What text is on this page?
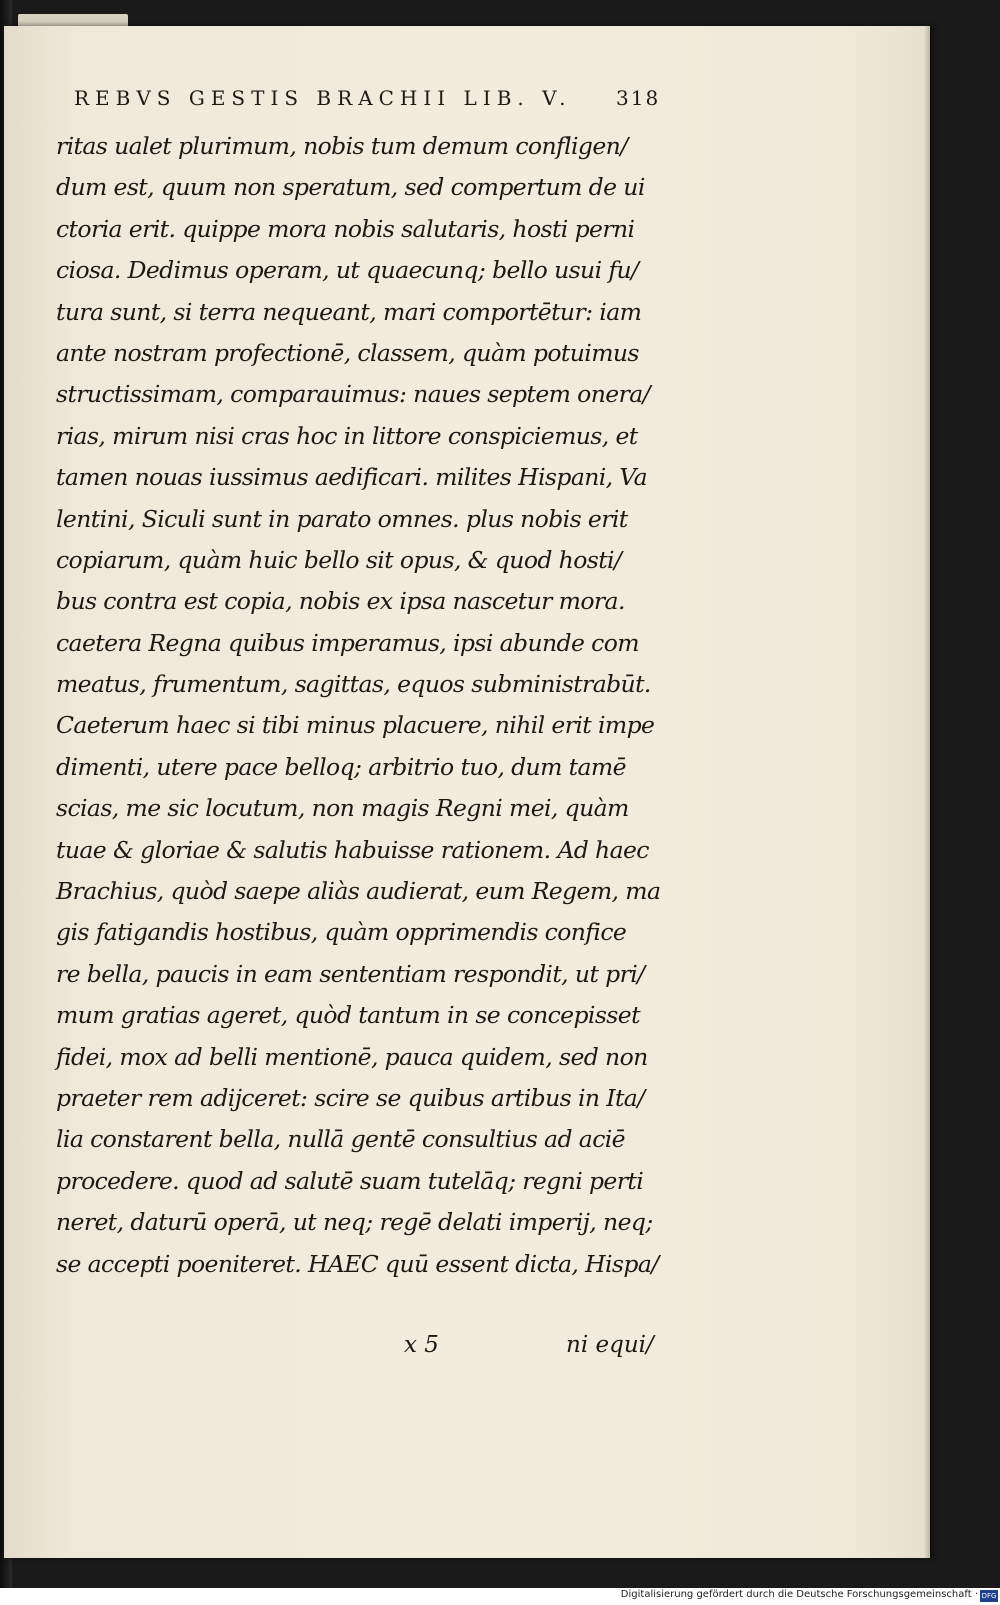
REBVS GESTIS BRACHII LIB. V.	318
ritas ualet plurimum, nobis tum demum confligen/
dum est, quum non speratum, sed compertum de ui
ctoria erit. quippe mora nobis salutaris, hosti perni
ciosa. Dedimus operam, ut quaecunq; bello usui fu/
tura sunt, si terra nequeant, mari comportētur: iam
ante nostram profectionē, classem, quàm potuimus
structissimam, comparauimus: naues septem onera/
rias, mirum nisi cras hoc in littore conspiciemus, et
tamen nouas iussimus aedificari. milites Hispani, Va
lentini, Siculi sunt in parato omnes. plus nobis erit
copiarum, quàm huic bello sit opus, & quod hosti/
bus contra est copia, nobis ex ipsa nascetur mora.
caetera Regna quibus imperamus, ipsi abunde com
meatus, frumentum, sagittas, equos subministrabūt.
Caeterum haec si tibi minus placuere, nihil erit impe
dimenti, utere pace belloq; arbitrio tuo, dum tamē
scias, me sic locutum, non magis Regni mei, quàm
tuae & gloriae & salutis habuisse rationem. Ad haec
Brachius, quòd saepe aliàs audierat, eum Regem, ma
gis fatigandis hostibus, quàm opprimendis confice
re bella, paucis in eam sententiam respondit, ut pri/
mum gratias ageret, quòd tantum in se concepisset
fidei, mox ad belli mentionē, pauca quidem, sed non
praeter rem adijceret: scire se quibus artibus in Ita/
lia constarent bella, nullā gentē consultius ad aciē
procedere. quod ad salutē suam tutelāq; regni perti
neret, daturū operā, ut neq; regē delati imperij, neq;
se accepti poeniteret. HAEC quū essent dicta, Hispa/
x 5	ni equi/
Digitalisierung gefördert durch die Deutsche Forschungsgemeinschaft · DFG
